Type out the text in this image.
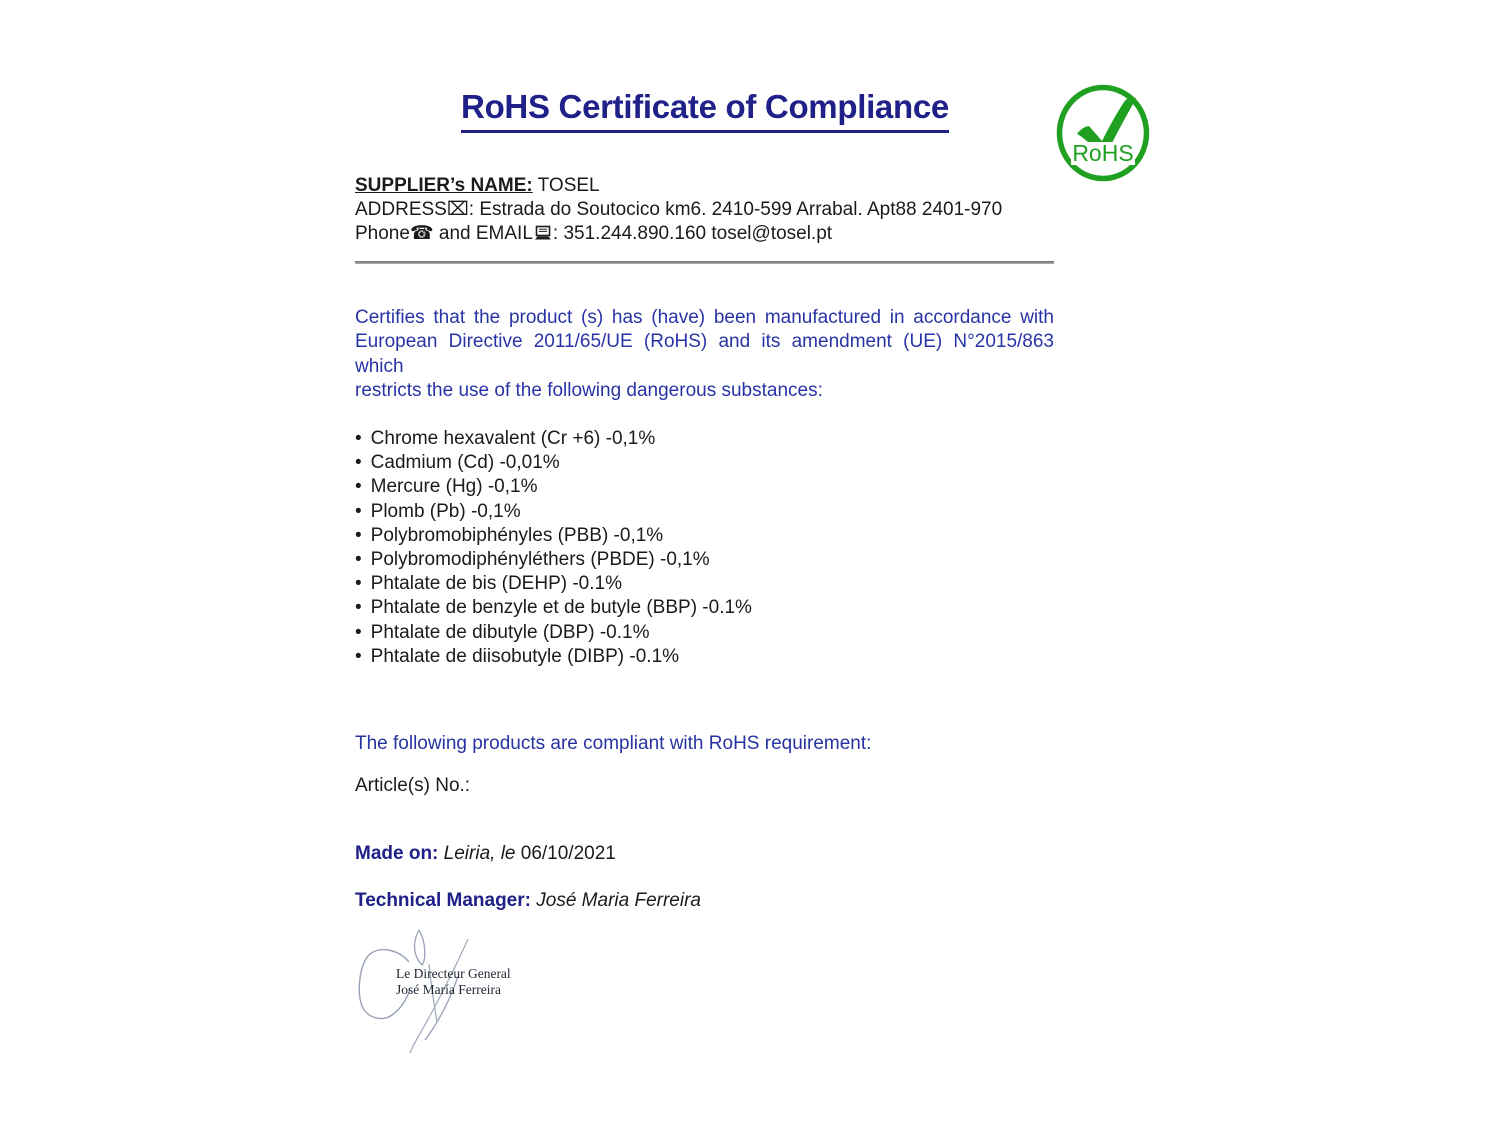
RoHS Certificate of Compliance
RoHS
SUPPLIER’s NAME: TOSEL
ADDRESS⌧: Estrada do Soutocico km6. 2410-599 Arrabal. Apt88 2401-970
Phone☎ and EMAIL : 351.244.890.160 tosel@tosel.pt
Certifies that the product (s) has (have) been manufactured in accordance with
European Directive 2011/65/UE (RoHS) and its amendment (UE) N°2015/863 which
restricts the use of the following dangerous substances:
• Chrome hexavalent (Cr +6) -0,1%
• Cadmium (Cd) -0,01%
• Mercure (Hg) -0,1%
• Plomb (Pb) -0,1%
• Polybromobiphényles (PBB) -0,1%
• Polybromodiphényléthers (PBDE) -0,1%
• Phtalate de bis (DEHP) -0.1%
• Phtalate de benzyle et de butyle (BBP) -0.1%
• Phtalate de dibutyle (DBP) -0.1%
• Phtalate de diisobutyle (DIBP) -0.1%
The following products are compliant with RoHS requirement:
Article(s) No.:
Made on: Leiria, le 06/10/2021
Technical Manager: José Maria Ferreira
Le Directeur General
José María Ferreira
